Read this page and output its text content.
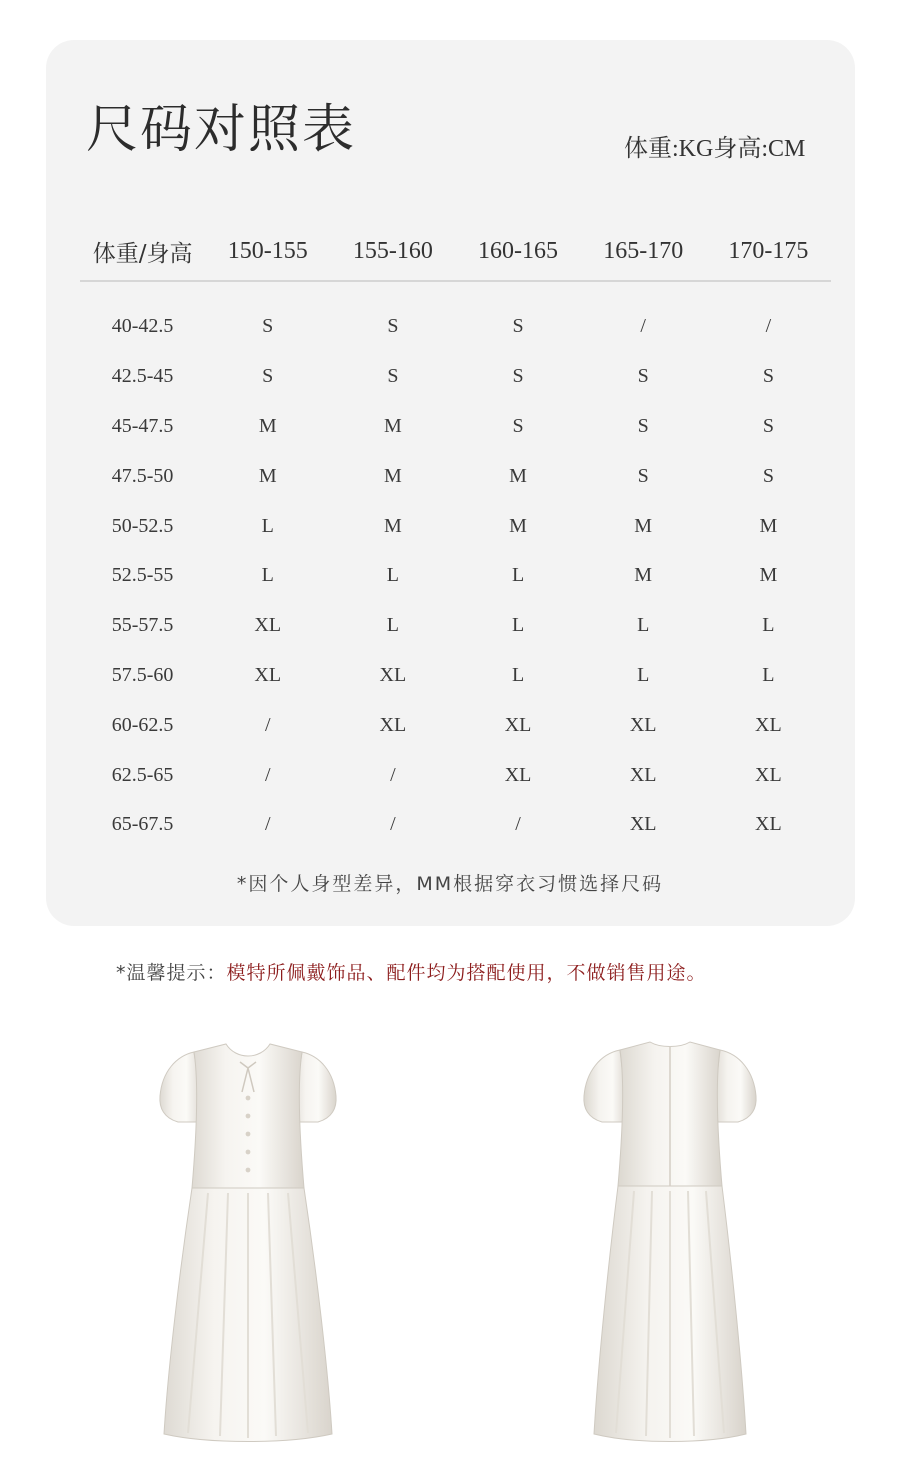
尺码对照表	体重:KG身高:CM
体重/身高	150-155	155-160	160-165	165-170	170-175
40-42.5	S	S	S	/	/
42.5-45	S	S	S	S	S
45-47.5	M	M	S	S	S
47.5-50	M	M	M	S	S
50-52.5	L	M	M	M	M
52.5-55	L	L	L	M	M
55-57.5	XL	L	L	L	L
57.5-60	XL	XL	L	L	L
60-62.5	/	XL	XL	XL	XL
62.5-65	/	/	XL	XL	XL
65-67.5	/	/	/	XL	XL
*因个人身型差异，MM根据穿衣习惯选择尺码
*温馨提示：模特所佩戴饰品、配件均为搭配使用，不做销售用途。
